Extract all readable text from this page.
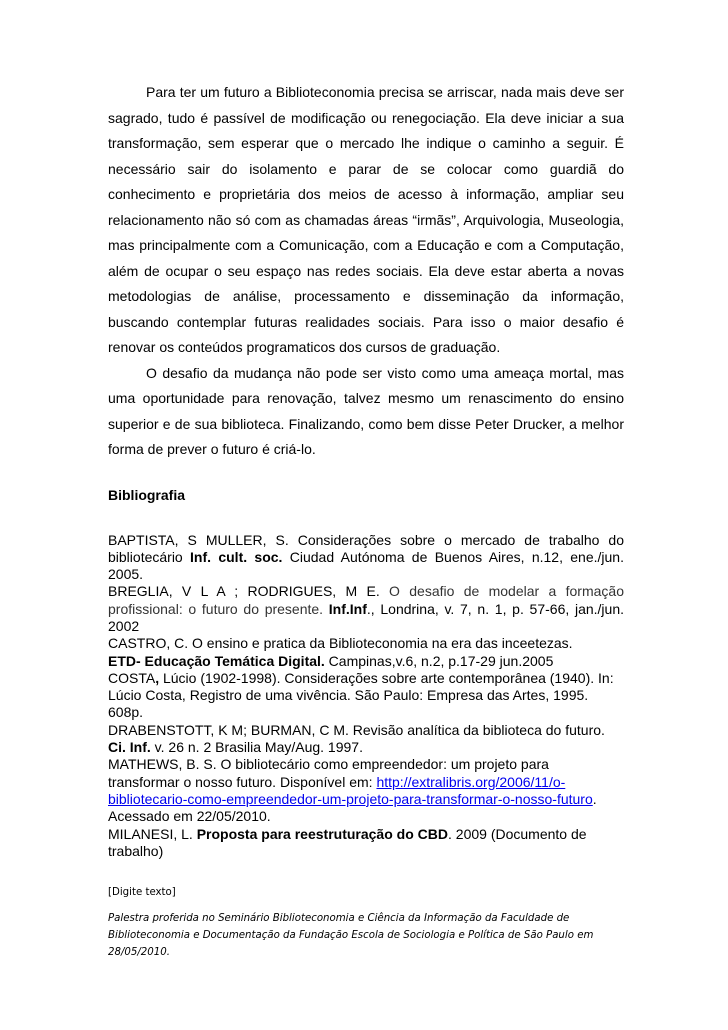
Para ter um futuro a Biblioteconomia precisa se arriscar, nada mais deve ser sagrado, tudo é passível de modificação ou renegociação. Ela deve iniciar a sua transformação, sem esperar que o mercado lhe indique o caminho a seguir. É necessário sair do isolamento e parar de se colocar como guardiã do conhecimento e proprietária dos meios de acesso à informação, ampliar seu relacionamento não só com as chamadas áreas “irmãs”, Arquivologia, Museologia, mas principalmente com a Comunicação, com a Educação e com a Computação, além de ocupar o seu espaço nas redes sociais. Ela deve estar aberta a novas metodologias de análise, processamento e disseminação da informação, buscando contemplar futuras realidades sociais. Para isso o maior desafio é renovar os conteúdos programaticos dos cursos de graduação.

O desafio da mudança não pode ser visto como uma ameaça mortal, mas uma oportunidade para renovação, talvez mesmo um renascimento do ensino superior e de sua biblioteca. Finalizando, como bem disse Peter Drucker, a melhor forma de prever o futuro é criá-lo.

Bibliografia

BAPTISTA, S MULLER, S. Considerações sobre o mercado de trabalho do bibliotecário Inf. cult. soc. Ciudad Autónoma de Buenos Aires, n.12, ene./jun. 2005.

BREGLIA, V L A ; RODRIGUES, M E. O desafio de modelar a formação profissional: o futuro do presente. Inf.Inf., Londrina, v. 7, n. 1, p. 57-66, jan./jun. 2002

CASTRO, C. O ensino e pratica da Biblioteconomia na era das inceetezas.
ETD- Educação Temática Digital. Campinas,v.6, n.2, p.17-29 jun.2005

COSTA, Lúcio (1902-1998). Considerações sobre arte contemporânea (1940). In: Lúcio Costa, Registro de uma vivência. São Paulo: Empresa das Artes, 1995. 608p.

DRABENSTOTT, K M; BURMAN, C M. Revisão analítica da biblioteca do futuro. Ci. Inf. v. 26 n. 2 Brasilia May/Aug. 1997.

MATHEWS, B. S. O bibliotecário como empreendedor: um projeto para transformar o nosso futuro. Disponível em: http://extralibris.org/2006/11/o-bibliotecario-como-empreendedor-um-projeto-para-transformar-o-nosso-futuro. Acessado em 22/05/2010.

MILANESI, L. Proposta para reestruturação do CBD. 2009 (Documento de trabalho)

[Digite texto]

Palestra proferida no Seminário Biblioteconomia e Ciência da Informação da Faculdade de Biblioteconomia e Documentação da Fundação Escola de Sociologia e Política de São Paulo em 28/05/2010.
